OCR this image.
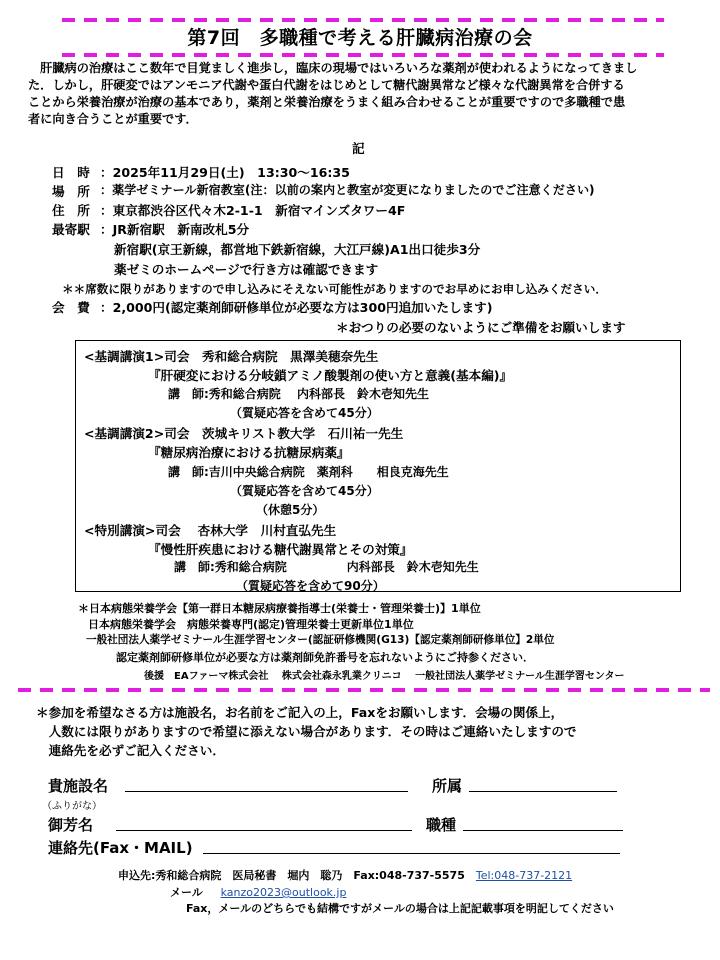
第7回　多職種で考える肝臓病治療の会
　肝臓病の治療はここ数年で目覚ましく進歩し，臨床の現場ではいろいろな薬剤が使われるようになってきまし
た．しかし，肝硬変ではアンモニア代謝や蛋白代謝をはじめとして糖代謝異常など様々な代謝異常を合併する
ことから栄養治療が治療の基本であり，薬剤と栄養治療をうまく組み合わせることが重要ですので多職種で患
者に向き合うことが重要です．
記
日　時 ：2025年11月29日(土)　13:30～16:35
場　所 ：薬学ゼミナール新宿教室(注：以前の案内と教室が変更になりましたのでご注意ください)
住　所 ：東京都渋谷区代々木2-1-1　新宿マインズタワー4F
最寄駅 ：JR新宿駅　新南改札5分
新宿駅(京王新線，都営地下鉄新宿線，大江戸線)A1出口徒歩3分
薬ゼミのホームページで行き方は確認できます
＊＊席数に限りがありますので申し込みにそえない可能性がありますのでお早めにお申し込みください．
会　費 ：2,000円(認定薬剤師研修単位が必要な方は300円追加いたします)
＊おつりの必要のないようにご準備をお願いします
<基調講演1>司会　秀和総合病院　黒澤美穂奈先生
『肝硬変における分岐鎖アミノ酸製剤の使い方と意義(基本編)』
講　師:秀和総合病院　 内科部長　鈴木壱知先生
（質疑応答を含めて45分）
<基調講演2>司会　茨城キリスト教大学　石川祐一先生
『糖尿病治療における抗糖尿病薬』
講　師:吉川中央総合病院　薬剤科　　相良克海先生
（質疑応答を含めて45分）
（休憩5分）
<特別講演>司会　 杏林大学　川村直弘先生
『慢性肝疾患における糖代謝異常とその対策』
講　師:秀和総合病院　　　　　内科部長　鈴木壱知先生
（質疑応答を含めて90分）
＊日本病態栄養学会【第一群日本糖尿病療養指導士(栄養士・管理栄養士)】1単位
日本病態栄養学会　病態栄養専門(認定)管理栄養士更新単位1単位
一般社団法人薬学ゼミナール生涯学習センター(認証研修機関(G13)【認定薬剤師研修単位】2単位
認定薬剤師研修単位が必要な方は薬剤師免許番号を忘れないようにご持参ください．
後援　EAファーマ株式会社　 株式会社森永乳業クリニコ　 一般社団法人薬学ゼミナール生涯学習センター
＊参加を希望なさる方は施設名，お名前をご記入の上，Faxをお願いします．会場の関係上，
　人数には限りがありますので希望に添えない場合があります．その時はご連絡いたしますので
　連絡先を必ずご記入ください．
貴施設名	所属
（ふりがな）
御芳名	職種
連絡先(Fax・MAIL)
申込先:秀和総合病院　医局秘書　堀内　聡乃　Fax:048-737-5575　Tel:048-737-2121
メール kanzo2023@outlook.jp
Fax，メールのどちらでも結構ですがメールの場合は上記記載事項を明記してください
